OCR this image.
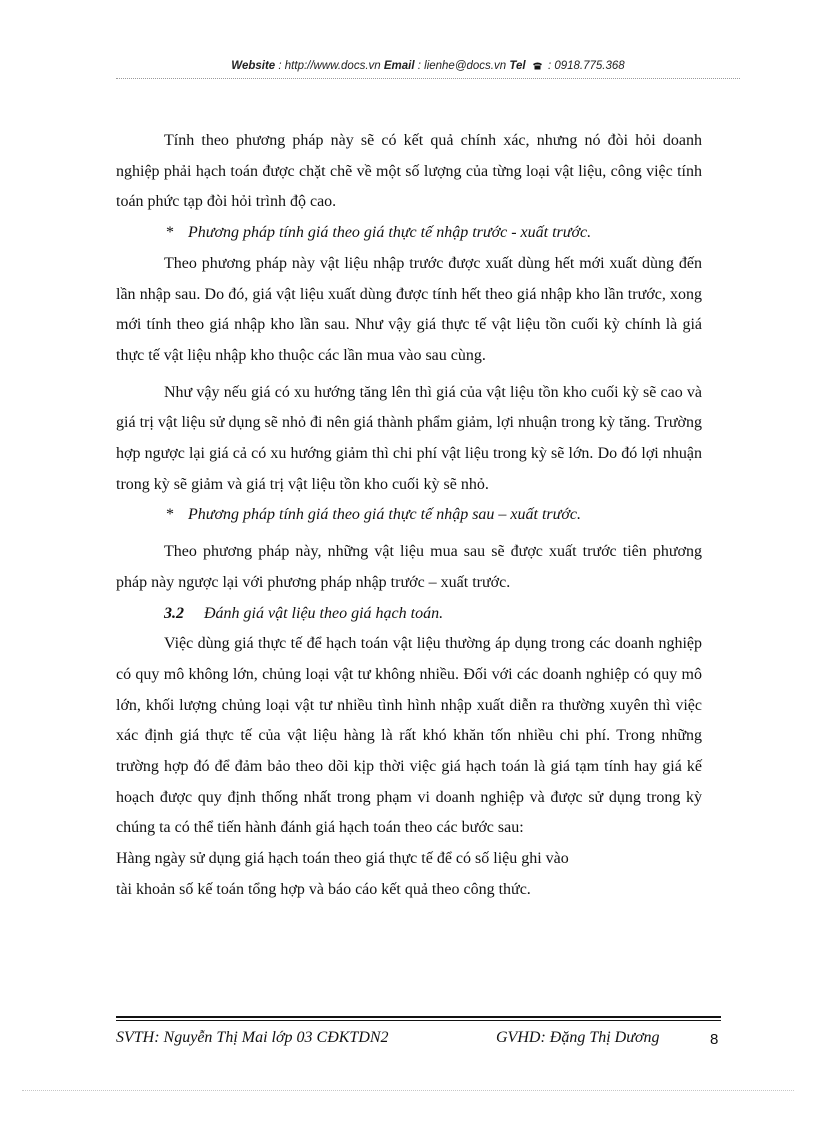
Website : http://www.docs.vn Email : lienhe@docs.vn Tel : 0918.775.368

Tính theo phương pháp này sẽ có kết quả chính xác, nhưng nó đòi hỏi doanh nghiệp phải hạch toán được chặt chẽ về một số lượng của từng loại vật liệu, công việc tính toán phức tạp đòi hỏi trình độ cao.

* Phương pháp tính giá theo giá thực tế nhập trước - xuất trước.

Theo phương pháp này vật liệu nhập trước được xuất dùng hết mới xuất dùng đến lần nhập sau. Do đó, giá vật liệu xuất dùng được tính hết theo giá nhập kho lần trước, xong mới tính theo giá nhập kho lần sau. Như vậy giá thực tế vật liệu tồn cuối kỳ chính là giá thực tế vật liệu nhập kho thuộc các lần mua vào sau cùng.

Như vậy nếu giá có xu hướng tăng lên thì giá của vật liệu tồn kho cuối kỳ sẽ cao và giá trị vật liệu sử dụng sẽ nhỏ đi nên giá thành phẩm giảm, lợi nhuận trong kỳ tăng. Trường hợp ngược lại giá cả có xu hướng giảm thì chi phí vật liệu trong kỳ sẽ lớn. Do đó lợi nhuận trong kỳ sẽ giảm và giá trị vật liệu tồn kho cuối kỳ sẽ nhỏ.

* Phương pháp tính giá theo giá thực tế nhập sau – xuất trước.

Theo phương pháp này, những vật liệu mua sau sẽ được xuất trước tiên phương pháp này ngược lại với phương pháp nhập trước – xuất trước.

3.2 Đánh giá vật liệu theo giá hạch toán.

Việc dùng giá thực tế để hạch toán vật liệu thường áp dụng trong các doanh nghiệp có quy mô không lớn, chủng loại vật tư không nhiều. Đối với các doanh nghiệp có quy mô lớn, khối lượng chủng loại vật tư nhiều tình hình nhập xuất diễn ra thường xuyên thì việc xác định giá thực tế của vật liệu hàng là rất khó khăn tốn nhiều chi phí. Trong những trường hợp đó để đảm bảo theo dõi kịp thời việc giá hạch toán là giá tạm tính hay giá kế hoạch được quy định thống nhất trong phạm vi doanh nghiệp và được sử dụng trong kỳ chúng ta có thể tiến hành đánh giá hạch toán theo các bước sau:

Hàng ngày sử dụng giá hạch toán theo giá thực tế để có số liệu ghi vào

tài khoản số kế toán tổng hợp và báo cáo kết quả theo công thức.

SVTH: Nguyễn Thị Mai lớp 03 CĐKTDN2	GVHD: Đặng Thị Dương	8
